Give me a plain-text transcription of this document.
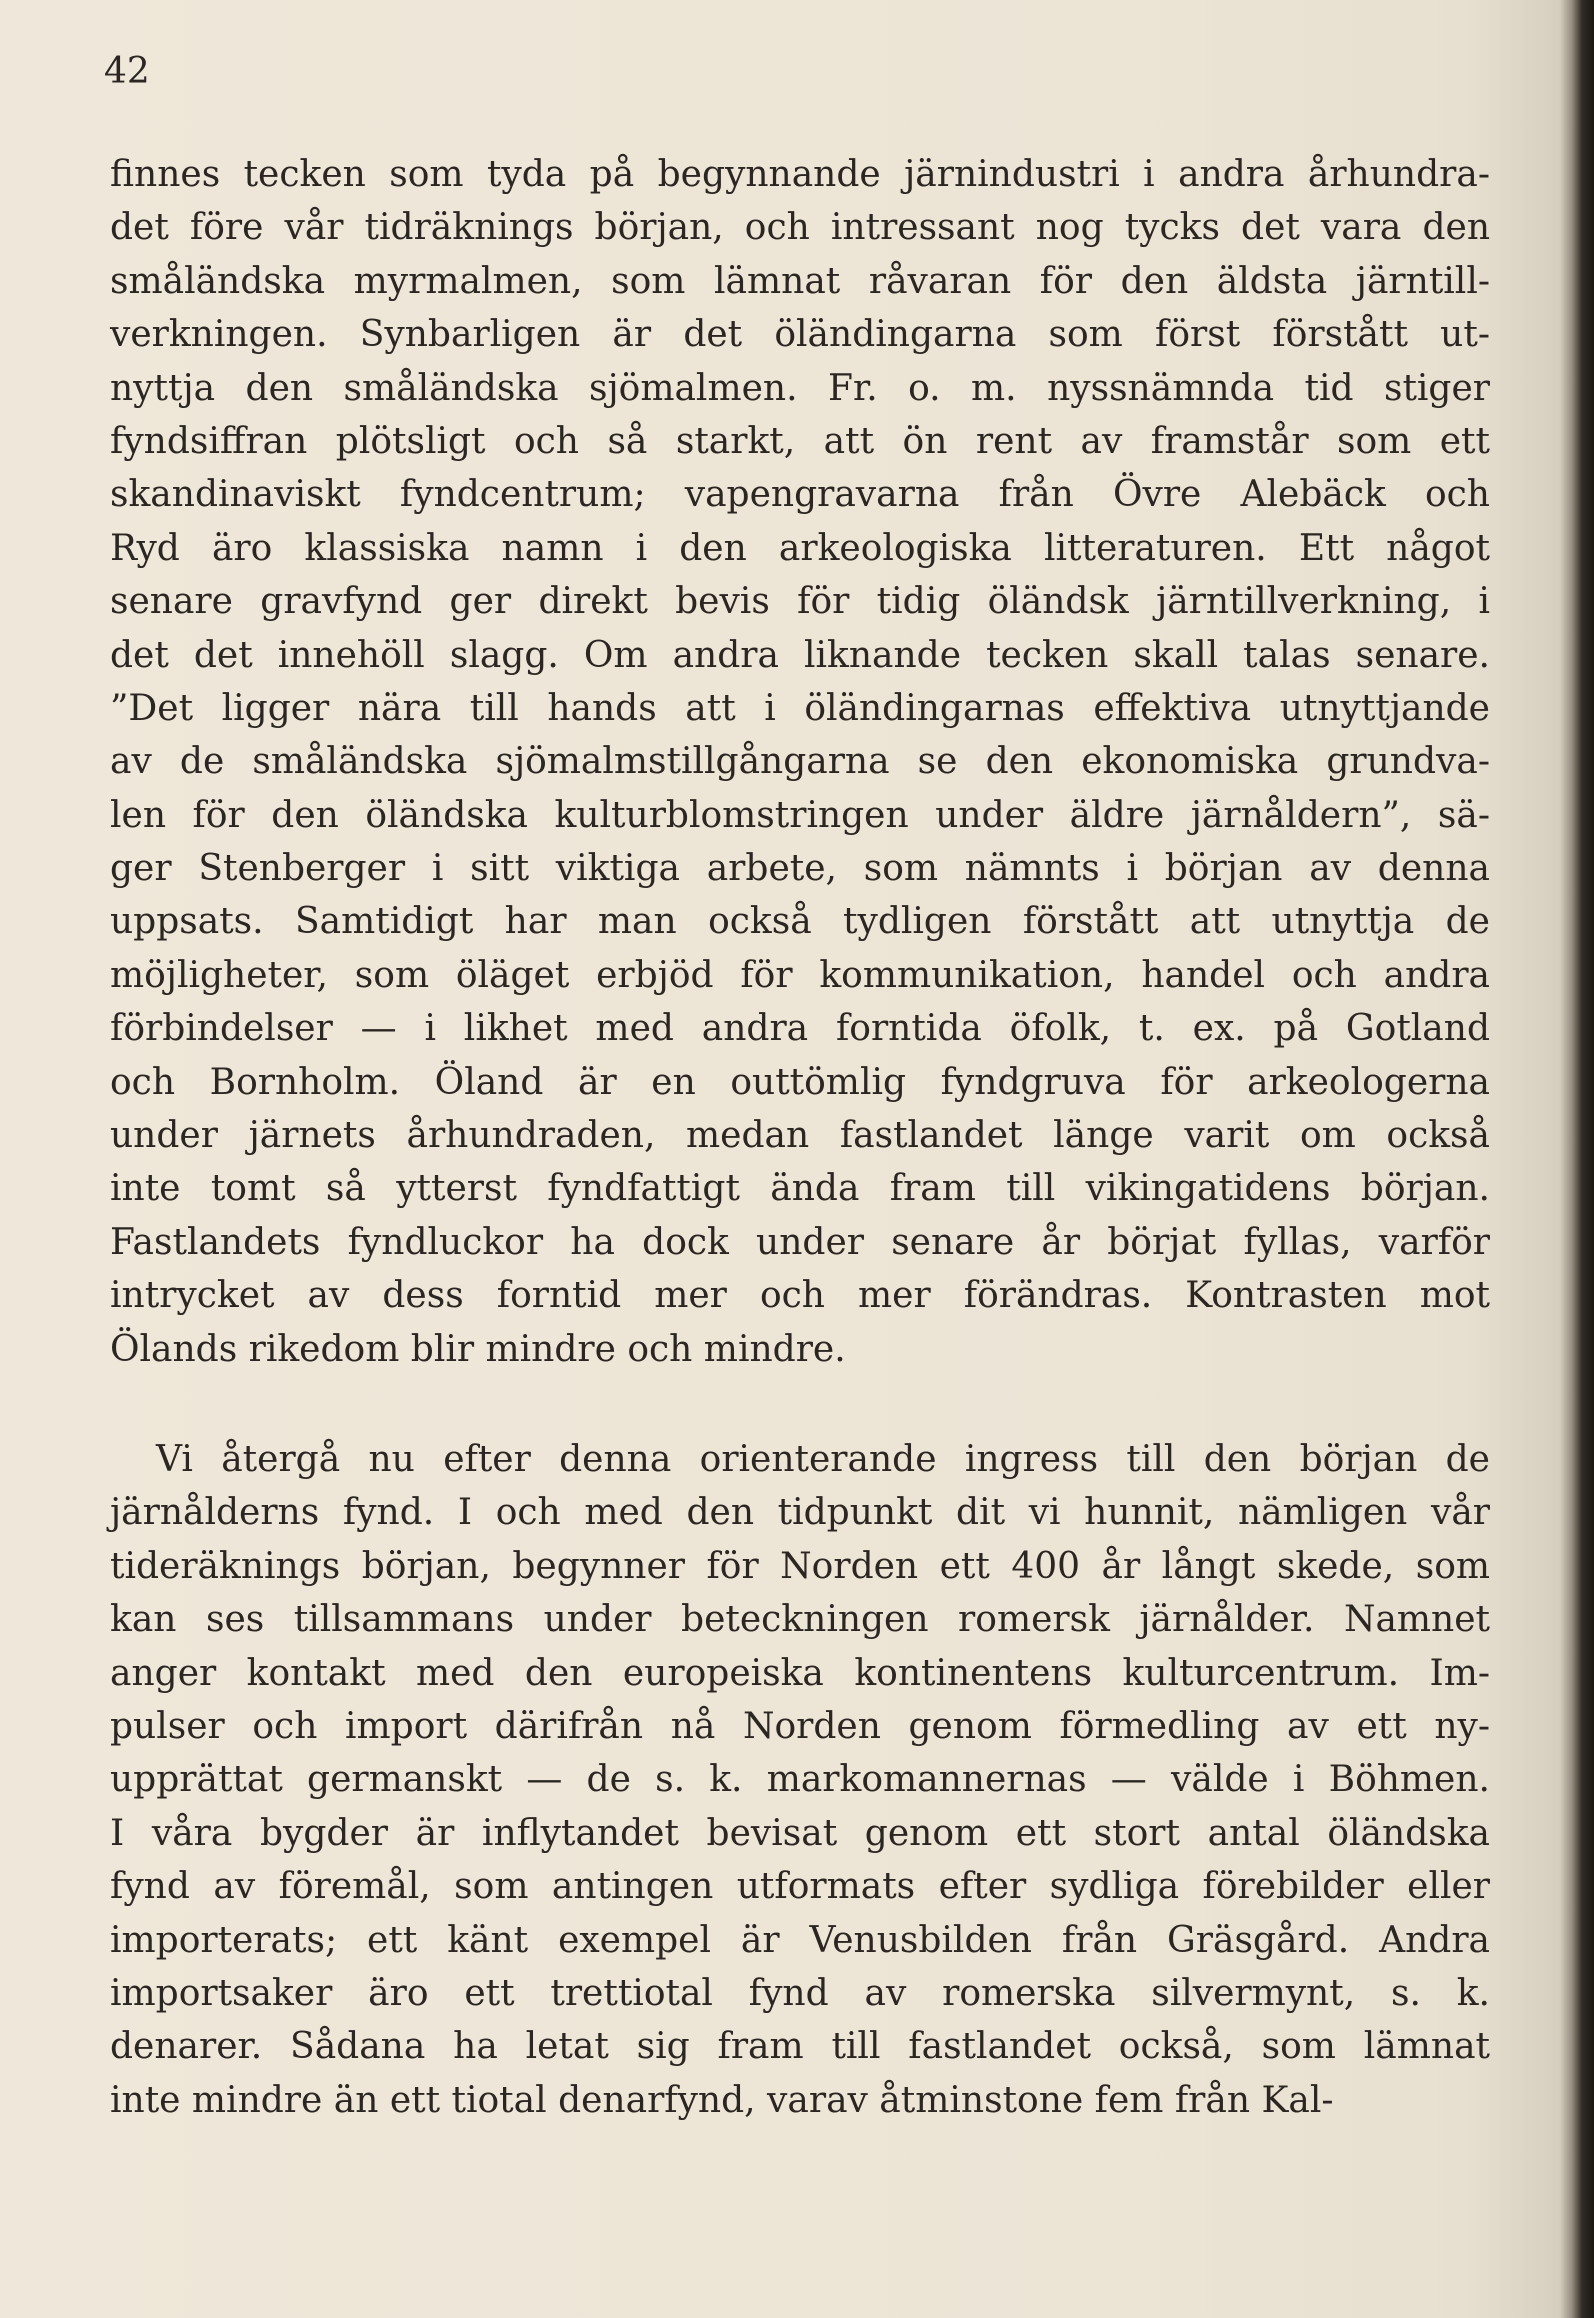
42
finnes tecken som tyda på begynnande järnindustri i andra århundra-
det före vår tidräknings början, och intressant nog tycks det vara den
småländska myrmalmen, som lämnat råvaran för den äldsta järntill-
verkningen. Synbarligen är det öländingarna som först förstått ut-
nyttja den småländska sjömalmen. Fr. o. m. nyssnämnda tid stiger
fyndsiffran plötsligt och så starkt, att ön rent av framstår som ett
skandinaviskt fyndcentrum; vapengravarna från Övre Alebäck och
Ryd äro klassiska namn i den arkeologiska litteraturen. Ett något
senare gravfynd ger direkt bevis för tidig öländsk järntillverkning, i
det det innehöll slagg. Om andra liknande tecken skall talas senare.
”Det ligger nära till hands att i öländingarnas effektiva utnyttjande
av de småländska sjömalmstillgångarna se den ekonomiska grundva-
len för den öländska kulturblomstringen under äldre järnåldern”, sä-
ger Stenberger i sitt viktiga arbete, som nämnts i början av denna
uppsats. Samtidigt har man också tydligen förstått att utnyttja de
möjligheter, som öläget erbjöd för kommunikation, handel och andra
förbindelser — i likhet med andra forntida öfolk, t. ex. på Gotland
och Bornholm. Öland är en outtömlig fyndgruva för arkeologerna
under järnets århundraden, medan fastlandet länge varit om också
inte tomt så ytterst fyndfattigt ända fram till vikingatidens början.
Fastlandets fyndluckor ha dock under senare år börjat fyllas, varför
intrycket av dess forntid mer och mer förändras. Kontrasten mot
Ölands rikedom blir mindre och mindre.
Vi återgå nu efter denna orienterande ingress till den början de
järnålderns fynd. I och med den tidpunkt dit vi hunnit, nämligen vår
tideräknings början, begynner för Norden ett 400 år långt skede, som
kan ses tillsammans under beteckningen romersk järnålder. Namnet
anger kontakt med den europeiska kontinentens kulturcentrum. Im-
pulser och import därifrån nå Norden genom förmedling av ett ny-
upprättat germanskt — de s. k. markomannernas — välde i Böhmen.
I våra bygder är inflytandet bevisat genom ett stort antal öländska
fynd av föremål, som antingen utformats efter sydliga förebilder eller
importerats; ett känt exempel är Venusbilden från Gräsgård. Andra
importsaker äro ett trettiotal fynd av romerska silvermynt, s. k.
denarer. Sådana ha letat sig fram till fastlandet också, som lämnat
inte mindre än ett tiotal denarfynd, varav åtminstone fem från Kal-
